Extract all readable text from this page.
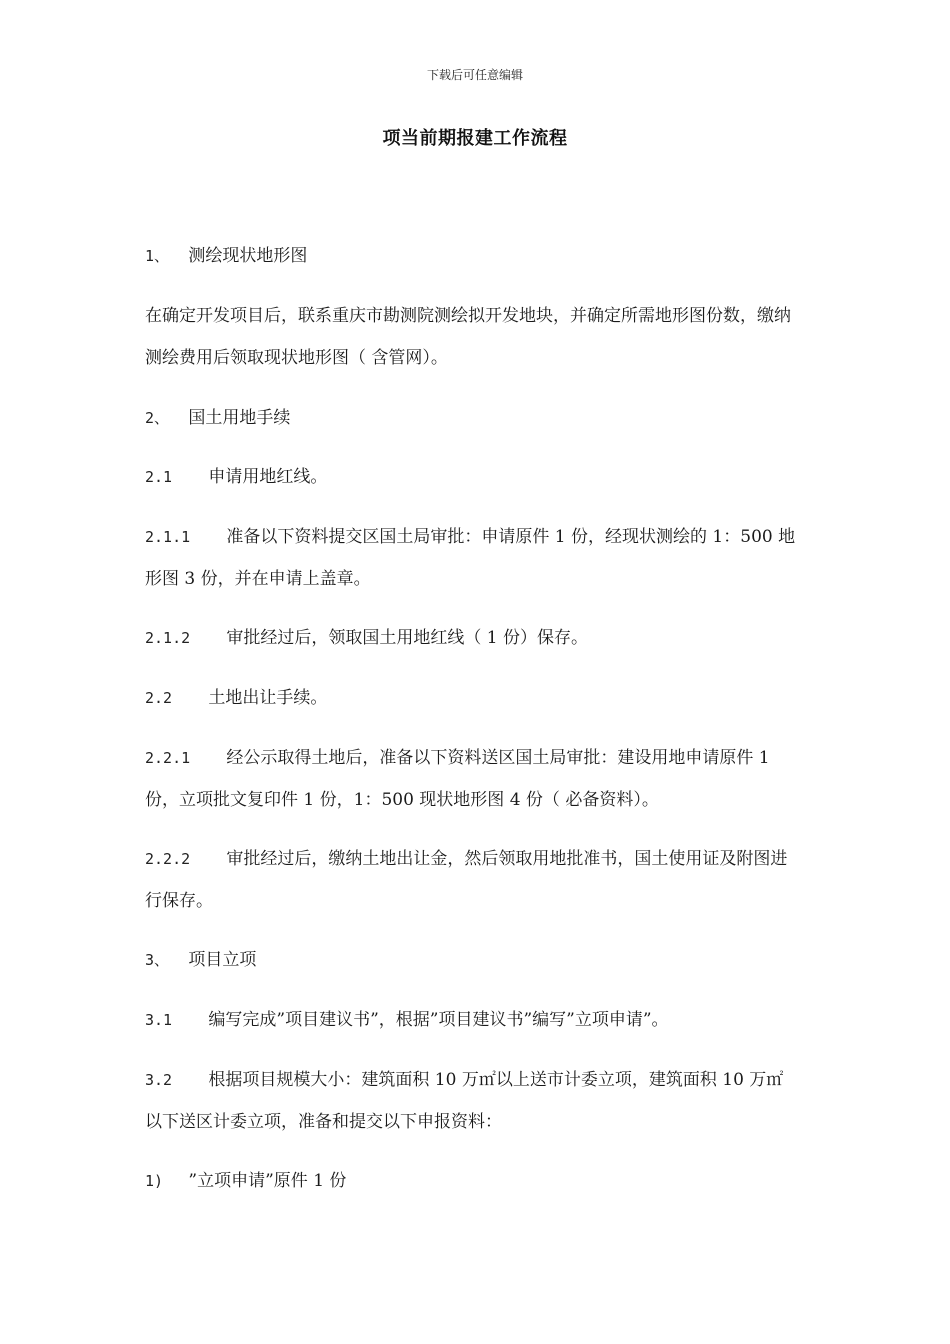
下载后可任意编辑
项当前期报建工作流程
1、 测绘现状地形图
在确定开发项目后，联系重庆市勘测院测绘拟开发地块，并确定所需地形图份数，缴纳测绘费用后领取现状地形图（ 含管网）。
2、 国土用地手续
2.1 申请用地红线。
2.1.1 准备以下资料提交区国土局审批：申请原件 1 份，经现状测绘的 1：500 地形图 3 份，并在申请上盖章。
2.1.2 审批经过后，领取国土用地红线（ 1 份）保存。
2.2 土地出让手续。
2.2.1 经公示取得土地后，准备以下资料送区国土局审批：建设用地申请原件 1 份，立项批文复印件 1 份，1：500 现状地形图 4 份（ 必备资料）。
2.2.2 审批经过后，缴纳土地出让金，然后领取用地批准书，国土使用证及附图进行保存。
3、 项目立项
3.1 编写完成”项目建议书”，根据”项目建议书”编写”立项申请”。
3.2 根据项目规模大小：建筑面积 10 万㎡以上送市计委立项，建筑面积 10 万㎡以下送区计委立项，准备和提交以下申报资料：
1) ”立项申请”原件 1 份
